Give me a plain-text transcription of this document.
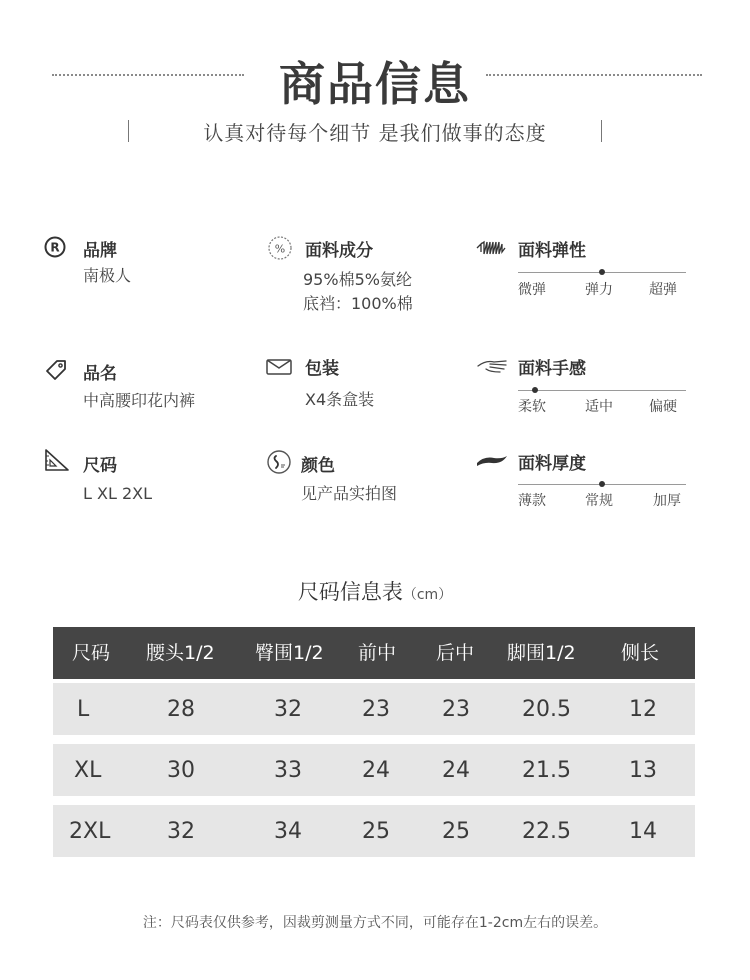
商品信息
认真对待每个细节 是我们做事的态度
R 品牌
南极人
% 面料成分
95%棉5%氨纶
底裆：100%棉
面料弹性
微弹	弹力	超弹
品名
中高腰印花内裤
包装
X4条盒装
面料手感
柔软	适中	偏硬
尺码
L XL 2XL
颜色
见产品实拍图
面料厚度
薄款	常规	加厚
尺码信息表（cm）
尺码 腰头1/2 臀围1/2 前中 后中 脚围1/2 侧长
L	28	32	23 23 20.5	12
XL	30	33	24 24 21.5	13
2XL	32	34	25 25 22.5	14
注：尺码表仅供参考，因裁剪测量方式不同，可能存在1-2cm左右的误差。
